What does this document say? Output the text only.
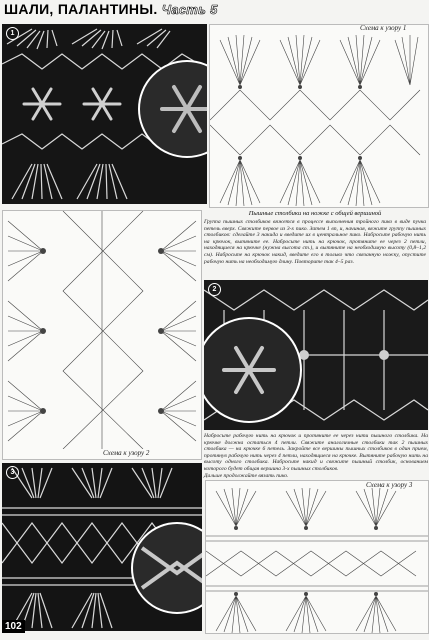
ШАЛИ, ПАЛАНТИНЫ. Часть 5
1
Схема к узору 1
Схема к узору 2
Пышные столбики на ножке с общей вершиной
Группа пышных столбиков вяжется в процессе выполнения тройного пико в виде пучка петель вверх. Свяжите первое из 3-х пико. Затем 1 вп, и, начиная, вяжите группу пышных столбиков: сделайте 3 накида и введите их в центральное пико. Наброcьте рабочую нить на крючок, вытяните ее. Наброcьте нить на крючок, протяните ее через 2 петли, находящиеся на крючке (нужна высота ст.), и вытяните на необходимую высоту (0,8–1,2 см). Наброcьте на крючок накид, введите его в только что связанную ножку, опустите рабочую нить на необходимую длину. Повторите так 4–5 раз.
2
Наброcьте рабочую нить на крючок и протяните ее через нити пышного столбика. На крючке должна остаться 4 петли. Свяжите аналогичные столбики так 2 пышных столбика — на крючке 6 петель. Закройте все вершины пышных столбиков в один прием, протянув рабочую нить через 4 петли, находящиеся на крючке. Вытяните рабочую нить на высоту одного столбика. Наброcьте накид и свяжите пышный столбик, основанием которого будет общая вершина 3-х пышных столбиков.
Дальше продолжайте вязать пико.
3
Схема к узору 3
102
